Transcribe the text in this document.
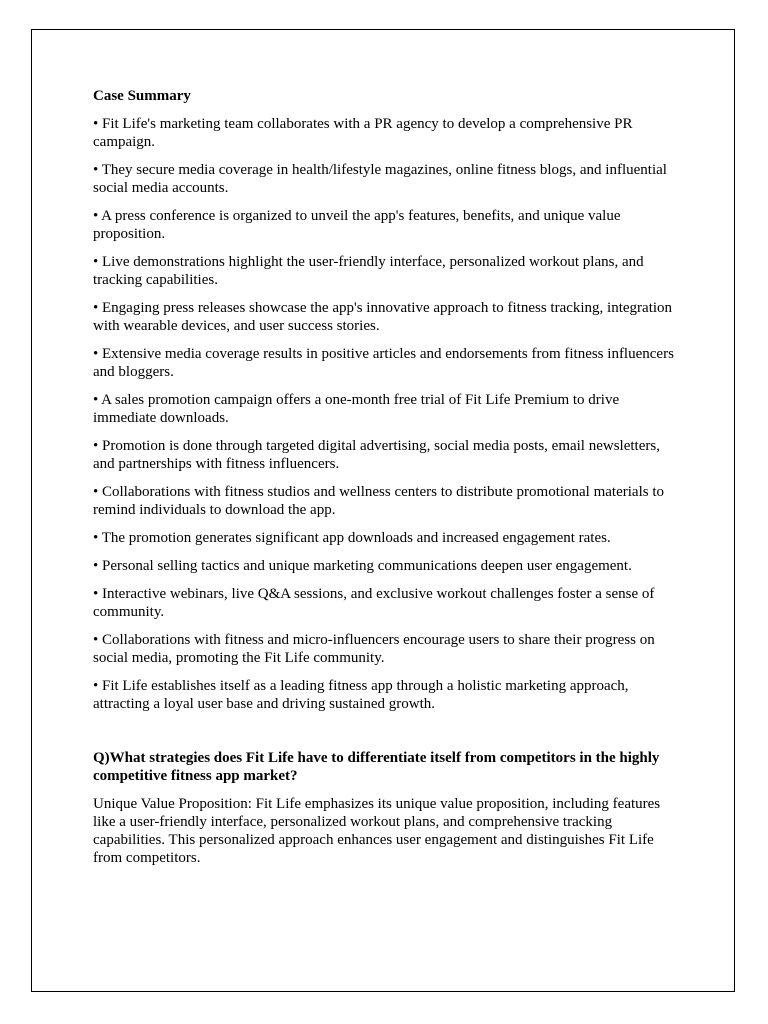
Case Summary
• Fit Life's marketing team collaborates with a PR agency to develop a comprehensive PR campaign.
• They secure media coverage in health/lifestyle magazines, online fitness blogs, and influential social media accounts.
• A press conference is organized to unveil the app's features, benefits, and unique value proposition.
• Live demonstrations highlight the user-friendly interface, personalized workout plans, and tracking capabilities.
• Engaging press releases showcase the app's innovative approach to fitness tracking, integration with wearable devices, and user success stories.
• Extensive media coverage results in positive articles and endorsements from fitness influencers and bloggers.
• A sales promotion campaign offers a one-month free trial of Fit Life Premium to drive immediate downloads.
• Promotion is done through targeted digital advertising, social media posts, email newsletters, and partnerships with fitness influencers.
• Collaborations with fitness studios and wellness centers to distribute promotional materials to remind individuals to download the app.
• The promotion generates significant app downloads and increased engagement rates.
• Personal selling tactics and unique marketing communications deepen user engagement.
• Interactive webinars, live Q&A sessions, and exclusive workout challenges foster a sense of community.
• Collaborations with fitness and micro-influencers encourage users to share their progress on social media, promoting the Fit Life community.
• Fit Life establishes itself as a leading fitness app through a holistic marketing approach, attracting a loyal user base and driving sustained growth.
Q)What strategies does Fit Life have to differentiate itself from competitors in the highly competitive fitness app market?
Unique Value Proposition: Fit Life emphasizes its unique value proposition, including features like a user-friendly interface, personalized workout plans, and comprehensive tracking capabilities. This personalized approach enhances user engagement and distinguishes Fit Life from competitors.
